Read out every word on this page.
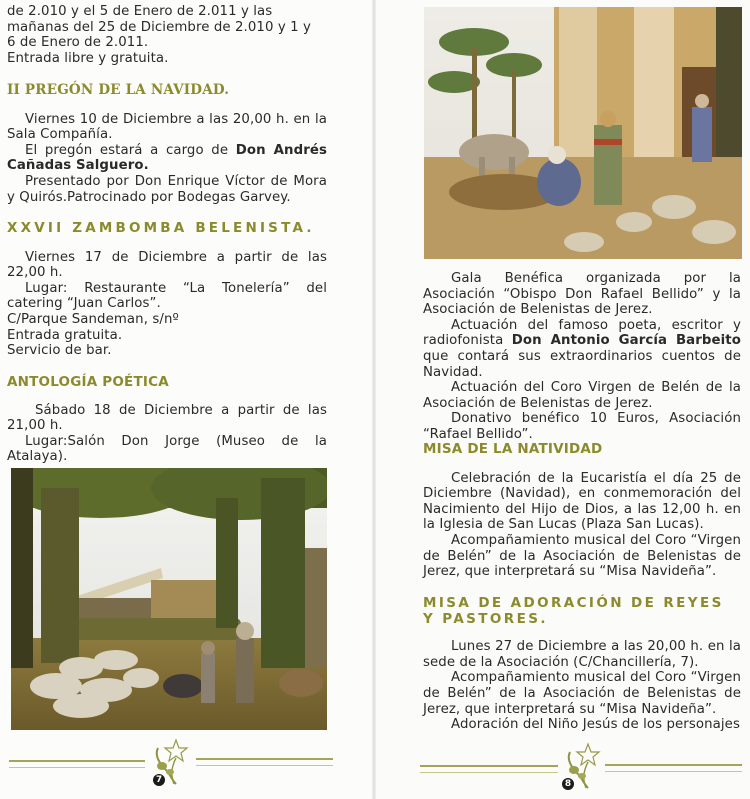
de 2.010 y el 5 de Enero de 2.011 y las
mañanas del 25 de Diciembre de 2.010 y 1 y
6 de Enero de 2.011.
Entrada libre y gratuita.
II PREGÓN DE LA NAVIDAD.

Viernes 10 de Diciembre a las 20,00 h. en la Sala Compañía.

El pregón estará a cargo de Don Andrés Cañadas Salguero.

Presentado por Don Enrique Víctor de Mora y Quirós.Patrocinado por Bodegas Garvey.

XXVII ZAMBOMBA BELENISTA.

Viernes 17 de Diciembre a partir de las 22,00 h.

Lugar: Restaurante “La Tonelería” del catering “Juan Carlos”.

C/Parque Sandeman, s/nº

Entrada gratuita.

Servicio de bar.

ANTOLOGÍA POÉTICA

Sábado 18 de Diciembre a partir de las 21,00 h.

Lugar:Salón Don Jorge (Museo de la Atalaya).

7

Gala Benéfica organizada por la Asociación “Obispo Don Rafael Bellido” y la Asociación de Belenistas de Jerez.

Actuación del famoso poeta, escritor y radiofonista Don Antonio García Barbeito que contará sus extraordinarios cuentos de Navidad.

Actuación del Coro Virgen de Belén de la Asociación de Belenistas de Jerez.

Donativo benéfico 10 Euros, Asociación “Rafael Bellido”.

MISA DE LA NATIVIDAD

Celebración de la Eucaristía el día 25 de Diciembre (Navidad), en conmemoración del Nacimiento del Hijo de Dios, a las 12,00 h. en la Iglesia de San Lucas (Plaza San Lucas).

Acompañamiento musical del Coro “Virgen de Belén” de la Asociación de Belenistas de Jerez, que interpretará su “Misa Navideña”.

MISA DE ADORACIÓN DE REYES Y PASTORES.

Lunes 27 de Diciembre a las 20,00 h. en la sede de la Asociación (C/Chancillería, 7).

Acompañamiento musical del Coro “Virgen de Belén” de la Asociación de Belenistas de Jerez, que interpretará su “Misa Navideña”.

Adoración del Niño Jesús de los personajes

8
